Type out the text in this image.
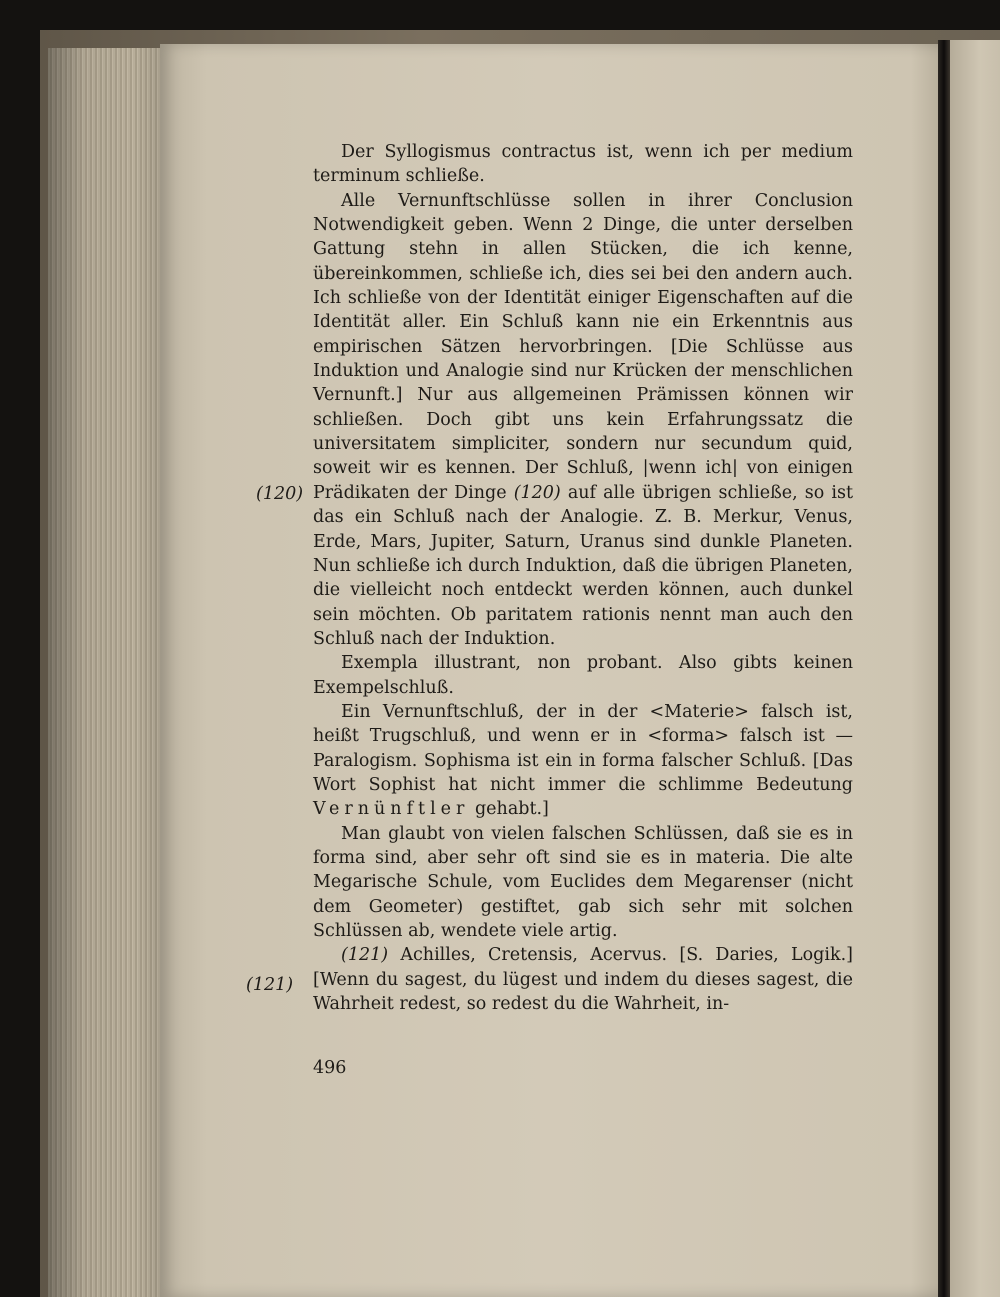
(120)
(121)

Der Syllogismus contractus ist, wenn ich per medium terminum schließe.

Alle Vernunftschlüsse sollen in ihrer Conclusion Notwendigkeit geben. Wenn 2 Dinge, die unter derselben Gattung stehn in allen Stücken, die ich kenne, übereinkommen, schließe ich, dies sei bei den andern auch. Ich schließe von der Identität einiger Eigenschaften auf die Identität aller. Ein Schluß kann nie ein Erkenntnis aus empirischen Sätzen hervorbringen. [Die Schlüsse aus Induktion und Analogie sind nur Krücken der menschlichen Vernunft.] Nur aus allgemeinen Prämissen können wir schließen. Doch gibt uns kein Erfahrungssatz die universitatem simpliciter, sondern nur secundum quid, soweit wir es kennen. Der Schluß, |wenn ich| von einigen Prädikaten der Dinge (120) auf alle übrigen schließe, so ist das ein Schluß nach der Analogie. Z. B. Merkur, Venus, Erde, Mars, Jupiter, Saturn, Uranus sind dunkle Planeten. Nun schließe ich durch Induktion, daß die übrigen Planeten, die vielleicht noch entdeckt werden können, auch dunkel sein möchten. Ob paritatem rationis nennt man auch den Schluß nach der Induktion.

Exempla illustrant, non probant. Also gibts keinen Exempelschluß.

Ein Vernunftschluß, der in der <Materie> falsch ist, heißt Trugschluß, und wenn er in <forma> falsch ist — Paralogism. Sophisma ist ein in forma falscher Schluß. [Das Wort Sophist hat nicht immer die schlimme Bedeutung Vernünftler gehabt.]

Man glaubt von vielen falschen Schlüssen, daß sie es in forma sind, aber sehr oft sind sie es in materia. Die alte Megarische Schule, vom Euclides dem Megarenser (nicht dem Geometer) gestiftet, gab sich sehr mit solchen Schlüssen ab, wendete viele artig.

(121) Achilles, Cretensis, Acervus. [S. Daries, Logik.] [Wenn du sagest, du lügest und indem du dieses sagest, die Wahrheit redest, so redest du die Wahrheit, in-

496
